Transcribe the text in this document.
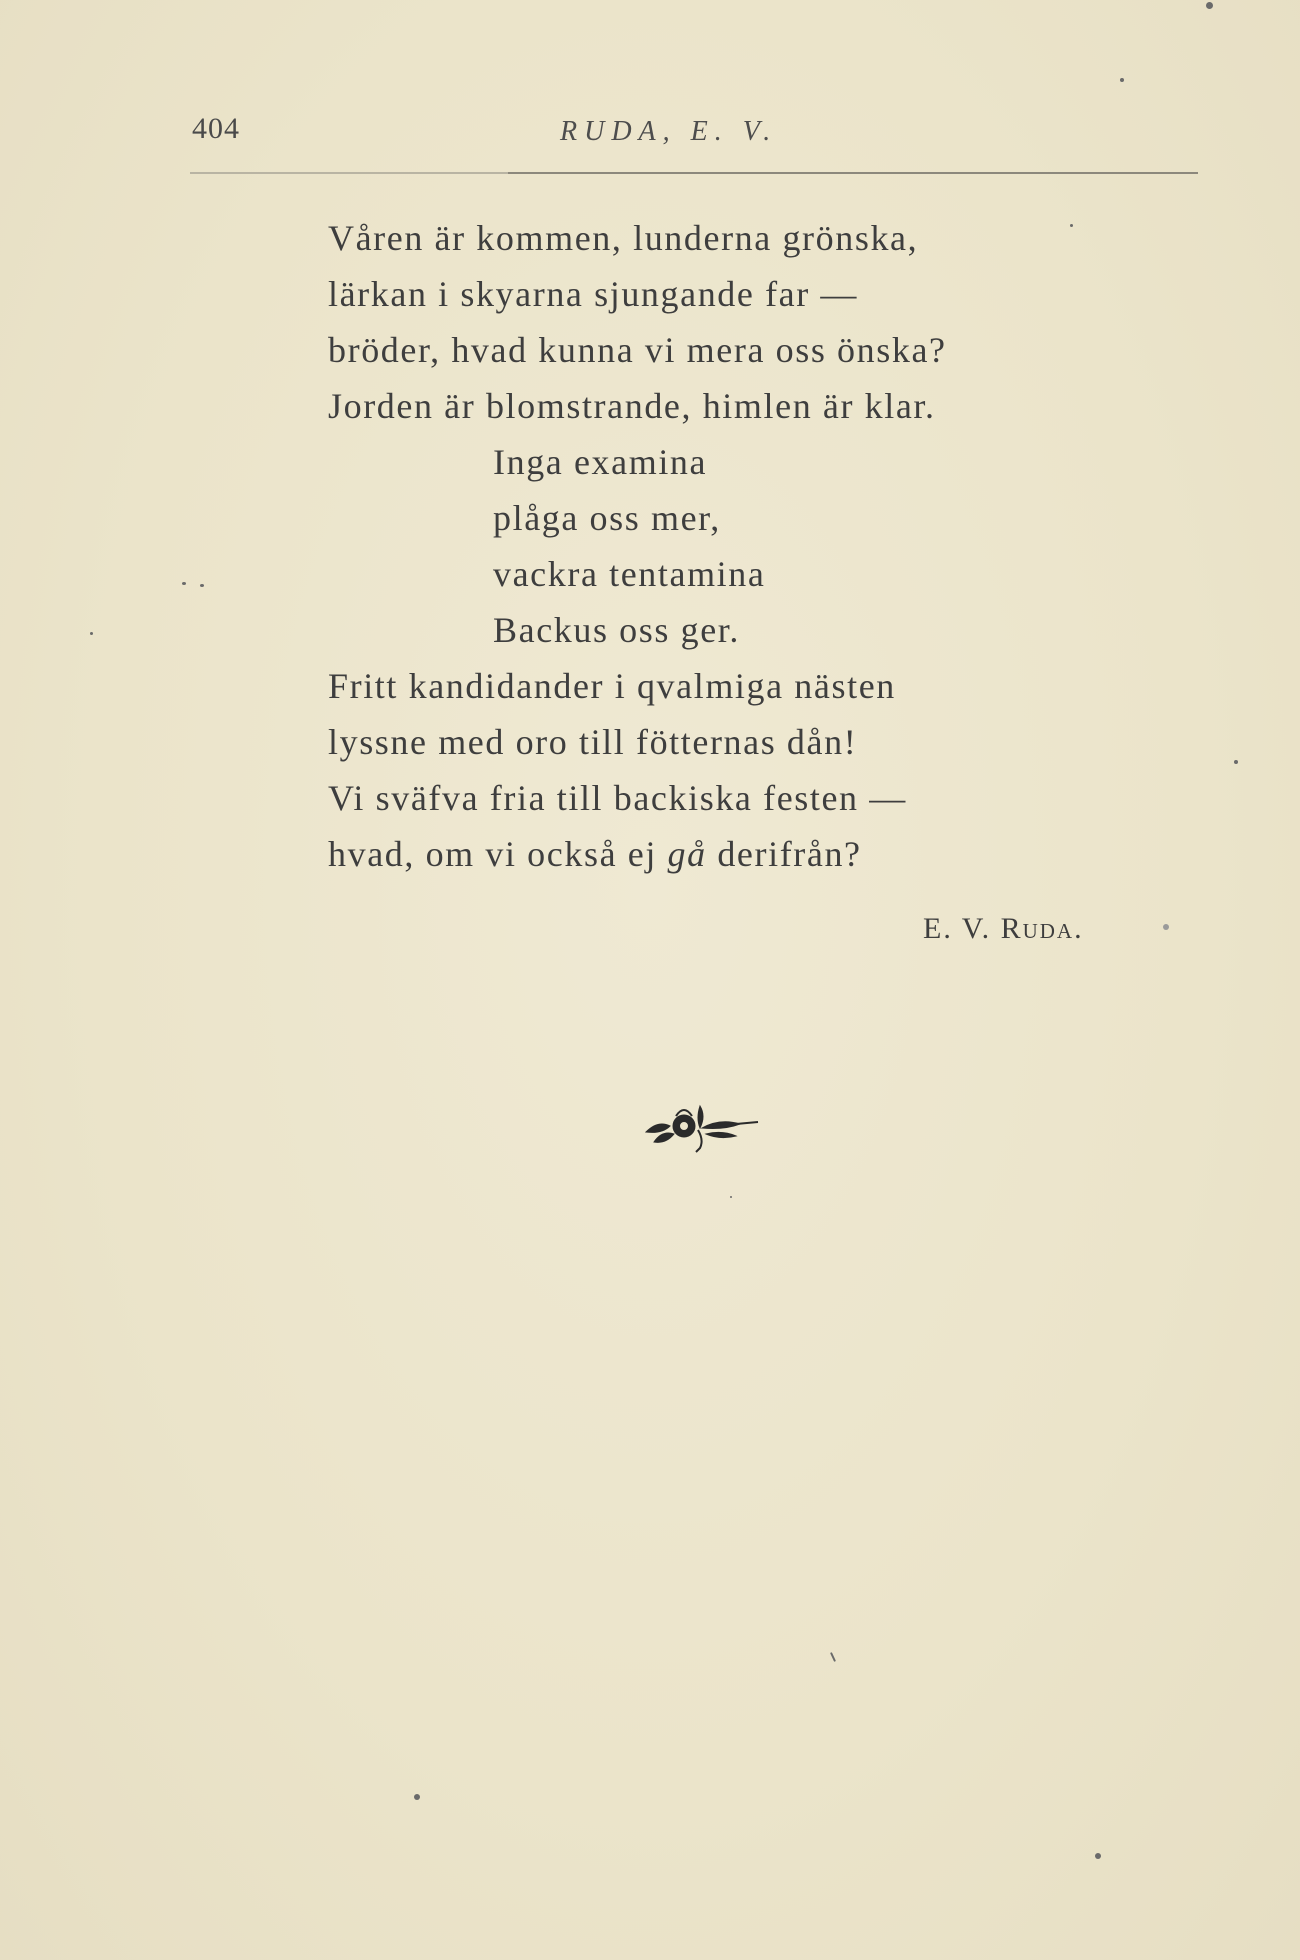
404	RUDA, E. V.
Våren är kommen, lunderna grönska,
lärkan i skyarna sjungande far —
bröder, hvad kunna vi mera oss önska?
Jorden är blomstrande, himlen är klar.
Inga examina
plåga oss mer,
vackra tentamina
Backus oss ger.
Fritt kandidander i qvalmiga nästen
lyssne med oro till fötternas dån!
Vi sväfva fria till backiska festen —
hvad, om vi också ej gå derifrån?
E. V. Ruda.
